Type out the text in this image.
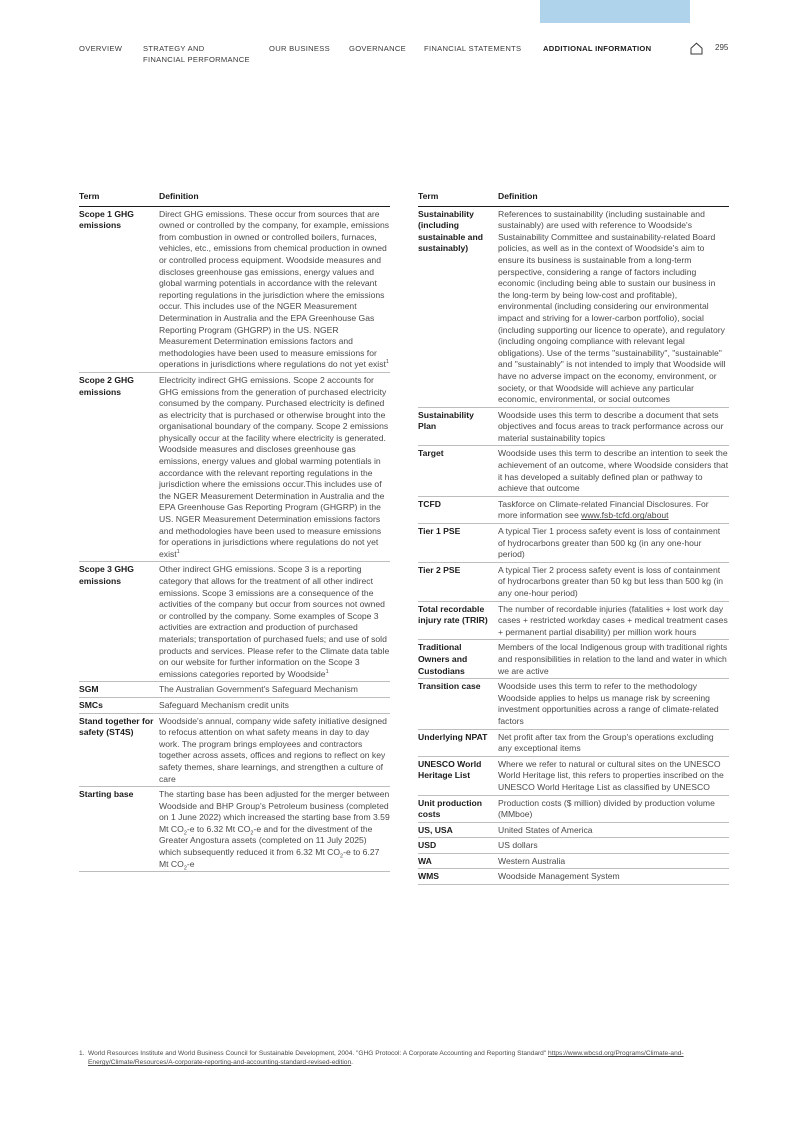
OVERVIEW	STRATEGY AND
FINANCIAL PERFORMANCE
OUR BUSINESS	GOVERNANCE FINANCIAL STATEMENTS	ADDITIONAL INFORMATION	295
Term	Definition
Scope 1 GHG emissions	Direct GHG emissions. These occur from sources that are owned or controlled by the company, for example, emissions from combustion in owned or controlled boilers, furnaces, vehicles, etc., emissions from chemical production in owned or controlled process equipment. Woodside measures and discloses greenhouse gas emissions, energy values and global warming potentials in accordance with the relevant reporting regulations in the jurisdiction where the emissions occur. This includes use of the NGER Measurement Determination in Australia and the EPA Greenhouse Gas Reporting Program (GHGRP) in the US. NGER Measurement Determination emissions factors and methodologies have been used to measure emissions for operations in jurisdictions where regulations do not yet exist$^1$
Scope 2 GHG emissions	Electricity indirect GHG emissions. Scope 2 accounts for GHG emissions from the generation of purchased electricity consumed by the company. Purchased electricity is defined as electricity that is purchased or otherwise brought into the organisational boundary of the company. Scope 2 emissions physically occur at the facility where electricity is generated. Woodside measures and discloses greenhouse gas emissions, energy values and global warming potentials in accordance with the relevant reporting regulations in the jurisdiction where the emissions occur.This includes use of the NGER Measurement Determination in Australia and the EPA Greenhouse Gas Reporting Program (GHGRP) in the US. NGER Measurement Determination emissions factors and methodologies have been used to measure emissions for operations in jurisdictions where regulations do not yet exist$^1$
Scope 3 GHG emissions	Other indirect GHG emissions. Scope 3 is a reporting category that allows for the treatment of all other indirect emissions. Scope 3 emissions are a consequence of the activities of the company but occur from sources not owned or controlled by the company. Some examples of Scope 3 activities are extraction and production of purchased materials; transportation of purchased fuels; and use of sold products and services. Please refer to the Climate data table on our website for further information on the Scope 3 emissions categories reported by Woodside$^1$
SGM	The Australian Government's Safeguard Mechanism
SMCs	Safeguard Mechanism credit units
Stand together for safety (ST4S)	Woodside's annual, company wide safety initiative designed to refocus attention on what safety means in day to day work. The program brings employees and contractors together across assets, offices and regions to reflect on key safety themes, share learnings, and strengthen a culture of care
Starting base	The starting base has been adjusted for the merger between Woodside and BHP Group's Petroleum business (completed on 1 June 2022) which increased the starting base from 3.59 Mt $CO_2-e$ to 6.32 Mt $CO_2-e$ and for the divestment of the Greater Angostura assets (completed on 11 July 2025) which subsequently reduced it from 6.32 Mt $CO_2-e$ to 6.27 Mt $CO_2-e$
Term	Definition
Sustainability (including sustainable and sustainably)	References to sustainability (including sustainable and sustainably) are used with reference to Woodside's Sustainability Committee and sustainability-related Board policies, as well as in the context of Woodside's aim to ensure its business is sustainable from a long-term perspective, considering a range of factors including economic (including being able to sustain our business in the long-term by being low-cost and profitable), environmental (including considering our environmental impact and striving for a lower-carbon portfolio), social (including supporting our licence to operate), and regulatory (including ongoing compliance with relevant legal obligations). Use of the terms "sustainability", "sustainable" and "sustainably" is not intended to imply that Woodside will have no adverse impact on the economy, environment, or society, or that Woodside will achieve any particular economic, environmental, or social outcomes
Sustainability Plan	Woodside uses this term to describe a document that sets objectives and focus areas to track performance across our material sustainability topics
Target	Woodside uses this term to describe an intention to seek the achievement of an outcome, where Woodside considers that it has developed a suitably defined plan or pathway to achieve that outcome
TCFD	Taskforce on Climate-related Financial Disclosures. For more information see www.fsb-tcfd.org/about
Tier 1 PSE	A typical Tier 1 process safety event is loss of containment of hydrocarbons greater than 500 kg (in any one-hour period)
Tier 2 PSE	A typical Tier 2 process safety event is loss of containment of hydrocarbons greater than 50 kg but less than 500 kg (in any one-hour period)
Total recordable injury rate (TRIR)	The number of recordable injuries (fatalities + lost work day cases + restricted workday cases + medical treatment cases + permanent partial disability) per million work hours
Traditional Owners and Custodians	Members of the local Indigenous group with traditional rights and responsibilities in relation to the land and water in which we are active
Transition case	Woodside uses this term to refer to the methodology Woodside applies to helps us manage risk by screening investment opportunities across a range of climate-related factors
Underlying NPAT	Net profit after tax from the Group's operations excluding any exceptional items
UNESCO World Heritage List	Where we refer to natural or cultural sites on the UNESCO World Heritage list, this refers to properties inscribed on the UNESCO World Heritage List as classified by UNESCO
Unit production costs	Production costs ($ million) divided by production volume (MMboe)
US, USA	United States of America
USD	US dollars
WA	Western Australia
WMS	Woodside Management System
1. World Resources Institute and World Business Council for Sustainable Development, 2004. "GHG Protocol: A Corporate Accounting and Reporting Standard" https://www.wbcsd.org/Programs/Climate-and-Energy/Climate/Resources/A-corporate-reporting-and-accounting-standard-revised-edition.
